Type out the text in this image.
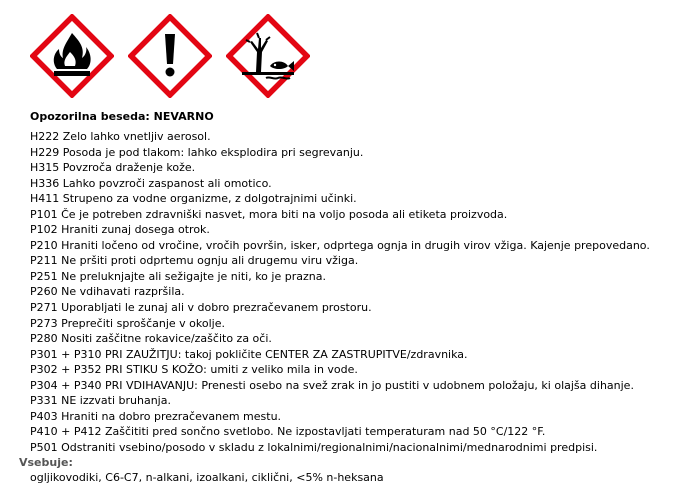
Opozorilna beseda: NEVARNO
H222 Zelo lahko vnetljiv aerosol.
H229 Posoda je pod tlakom: lahko eksplodira pri segrevanju.
H315 Povzroča draženje kože.
H336 Lahko povzroči zaspanost ali omotico.
H411 Strupeno za vodne organizme, z dolgotrajnimi učinki.
P101 Če je potreben zdravniški nasvet, mora biti na voljo posoda ali etiketa proizvoda.
P102 Hraniti zunaj dosega otrok.
P210 Hraniti ločeno od vročine, vročih površin, isker, odprtega ognja in drugih virov vžiga. Kajenje prepovedano.
P211 Ne pršiti proti odprtemu ognju ali drugemu viru vžiga.
P251 Ne preluknjajte ali sežigajte je niti, ko je prazna.
P260 Ne vdihavati razpršila.
P271 Uporabljati le zunaj ali v dobro prezračevanem prostoru.
P273 Preprečiti sproščanje v okolje.
P280 Nositi zaščitne rokavice/zaščito za oči.
P301 + P310 PRI ZAUŽITJU: takoj pokličite CENTER ZA ZASTRUPITVE/zdravnika.
P302 + P352 PRI STIKU S KOŽO: umiti z veliko mila in vode.
P304 + P340 PRI VDIHAVANJU: Prenesti osebo na svež zrak in jo pustiti v udobnem položaju, ki olajša dihanje.
P331 NE izzvati bruhanja.
P403 Hraniti na dobro prezračevanem mestu.
P410 + P412 Zaščititi pred sončno svetlobo. Ne izpostavljati temperaturam nad 50 °C/122 °F.
P501 Odstraniti vsebino/posodo v skladu z lokalnimi/regionalnimi/nacionalnimi/mednarodnimi predpisi.
Vsebuje:
ogljikovodiki, C6-C7, n-alkani, izoalkani, ciklični, <5% n-heksana
